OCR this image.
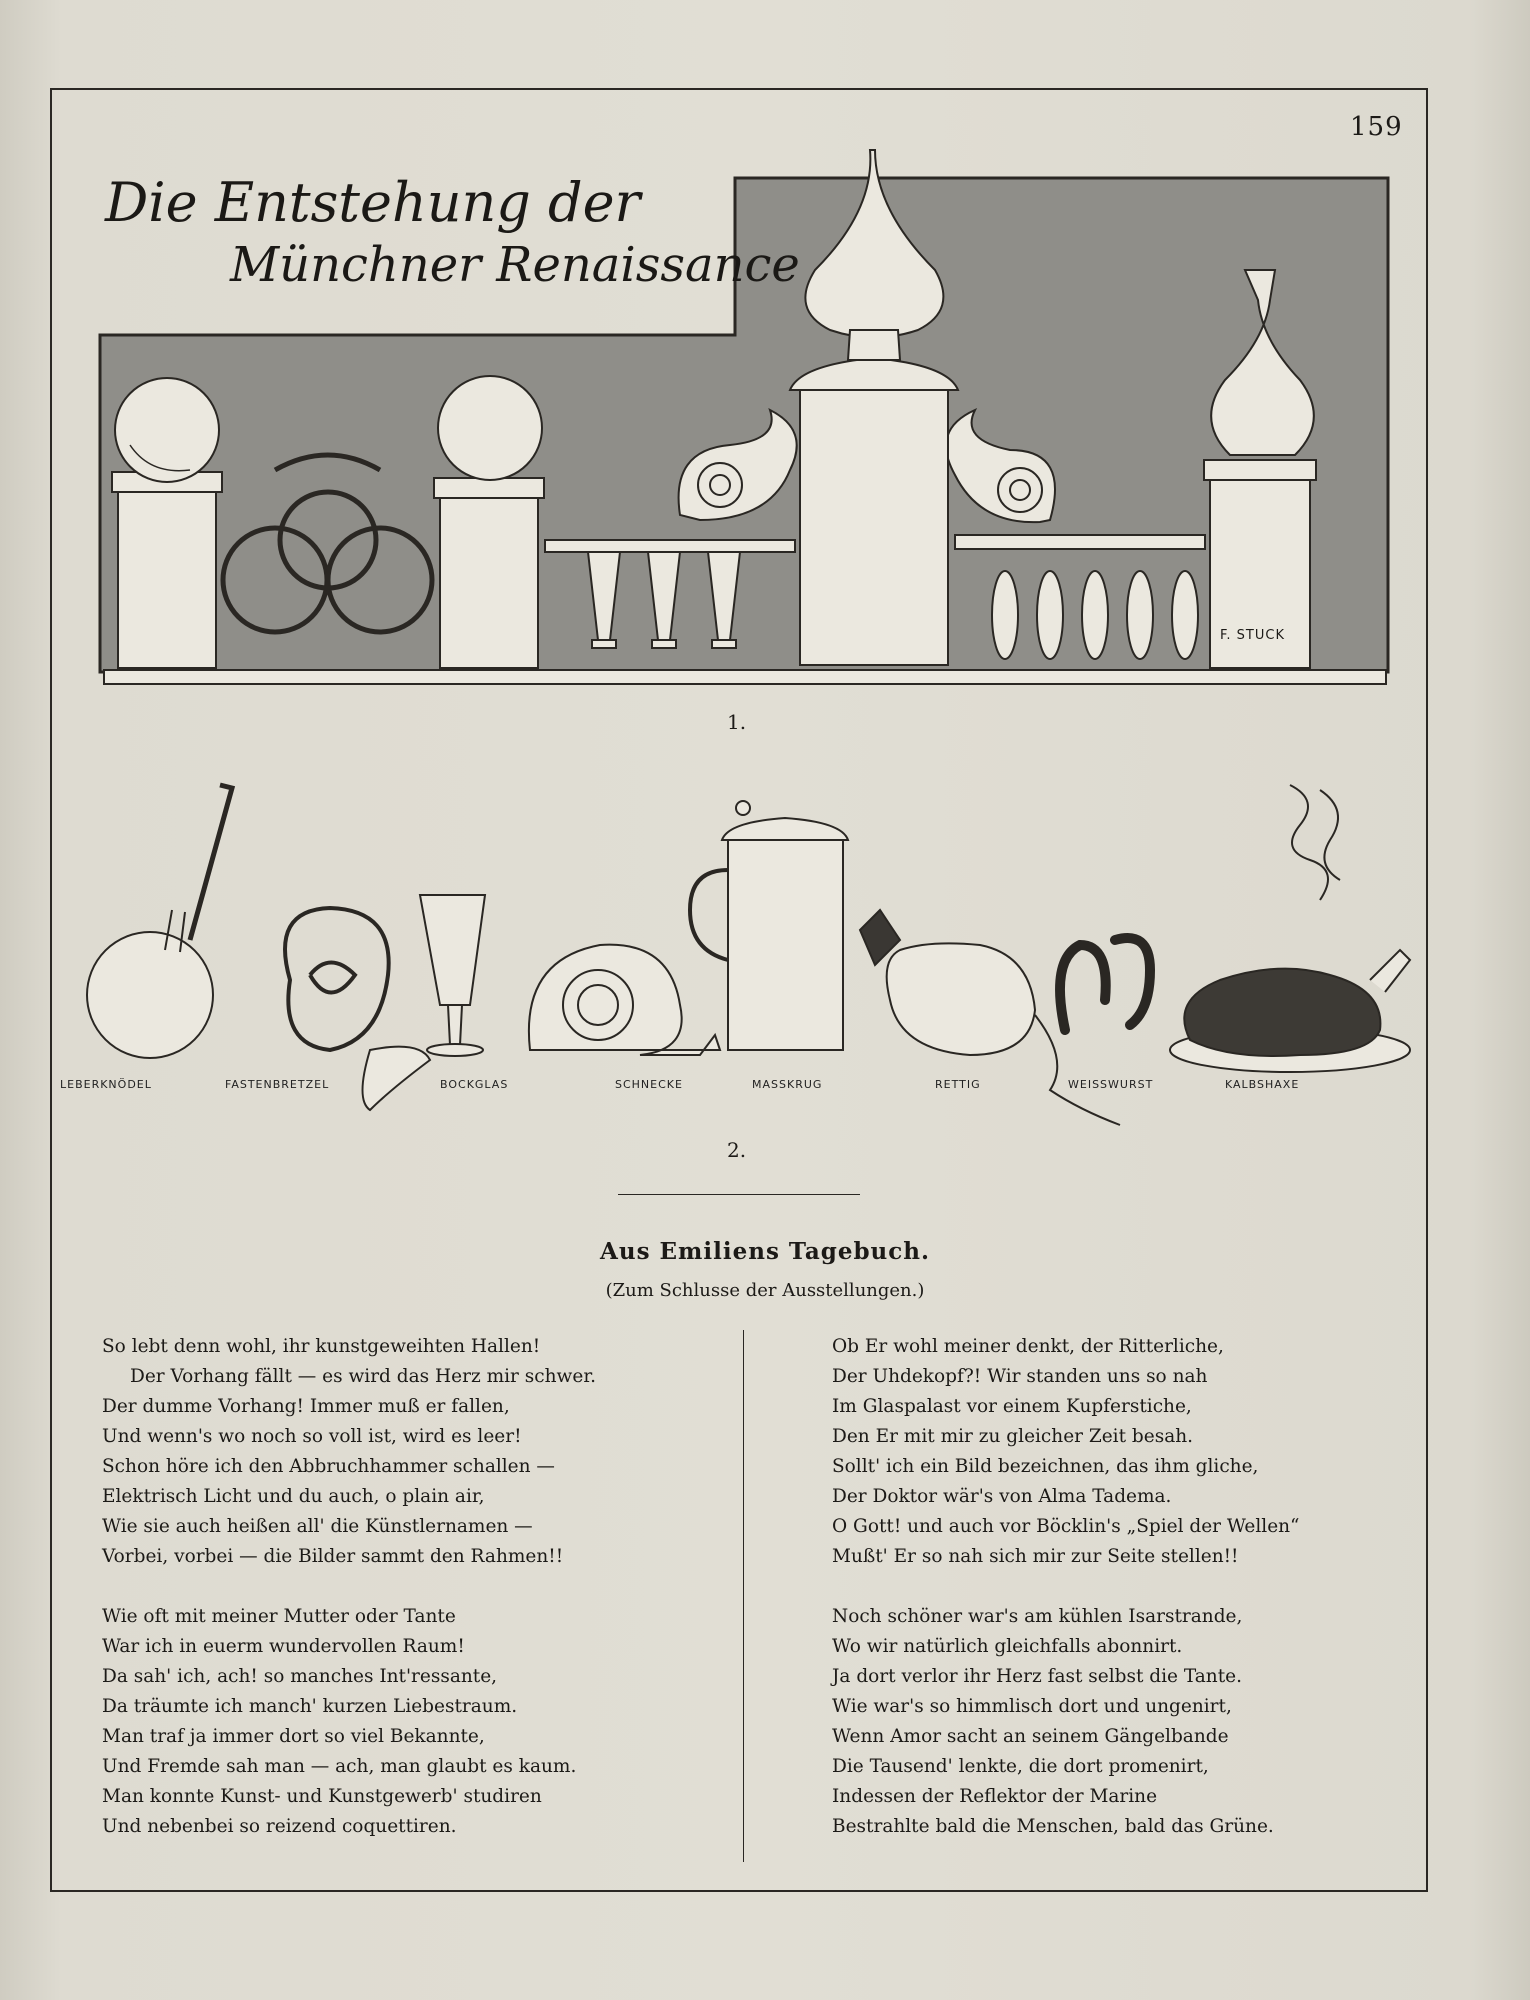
159
F. STUCK
Die Entstehung der
Münchner Renaissance
1.
LEBERKNÖDEL	FASTENBRETZEL	BOCKGLAS	SCHNECKE	MASSKRUG	RETTIG	WEISSWURST	KALBSHAXE
2.
Aus Emiliens Tagebuch.
(Zum Schlusse der Ausstellungen.)
So lebt denn wohl, ihr kunstgeweihten Hallen!
Der Vorhang fällt — es wird das Herz mir schwer.
Der dumme Vorhang! Immer muß er fallen,
Und wenn's wo noch so voll ist, wird es leer!
Schon höre ich den Abbruchhammer schallen —
Elektrisch Licht und du auch, o plain air,
Wie sie auch heißen all' die Künstlernamen —
Vorbei, vorbei — die Bilder sammt den Rahmen!!
Wie oft mit meiner Mutter oder Tante
War ich in euerm wundervollen Raum!
Da sah' ich, ach! so manches Int'ressante,
Da träumte ich manch' kurzen Liebestraum.
Man traf ja immer dort so viel Bekannte,
Und Fremde sah man — ach, man glaubt es kaum.
Man konnte Kunst- und Kunstgewerb' studiren
Und nebenbei so reizend coquettiren.
Ob Er wohl meiner denkt, der Ritterliche,
Der Uhdekopf?! Wir standen uns so nah
Im Glaspalast vor einem Kupferstiche,
Den Er mit mir zu gleicher Zeit besah.
Sollt' ich ein Bild bezeichnen, das ihm gliche,
Der Doktor wär's von Alma Tadema.
O Gott! und auch vor Böcklin's „Spiel der Wellen“
Mußt' Er so nah sich mir zur Seite stellen!!
Noch schöner war's am kühlen Isarstrande,
Wo wir natürlich gleichfalls abonnirt.
Ja dort verlor ihr Herz fast selbst die Tante.
Wie war's so himmlisch dort und ungenirt,
Wenn Amor sacht an seinem Gängelbande
Die Tausend' lenkte, die dort promenirt,
Indessen der Reflektor der Marine
Bestrahlte bald die Menschen, bald das Grüne.
